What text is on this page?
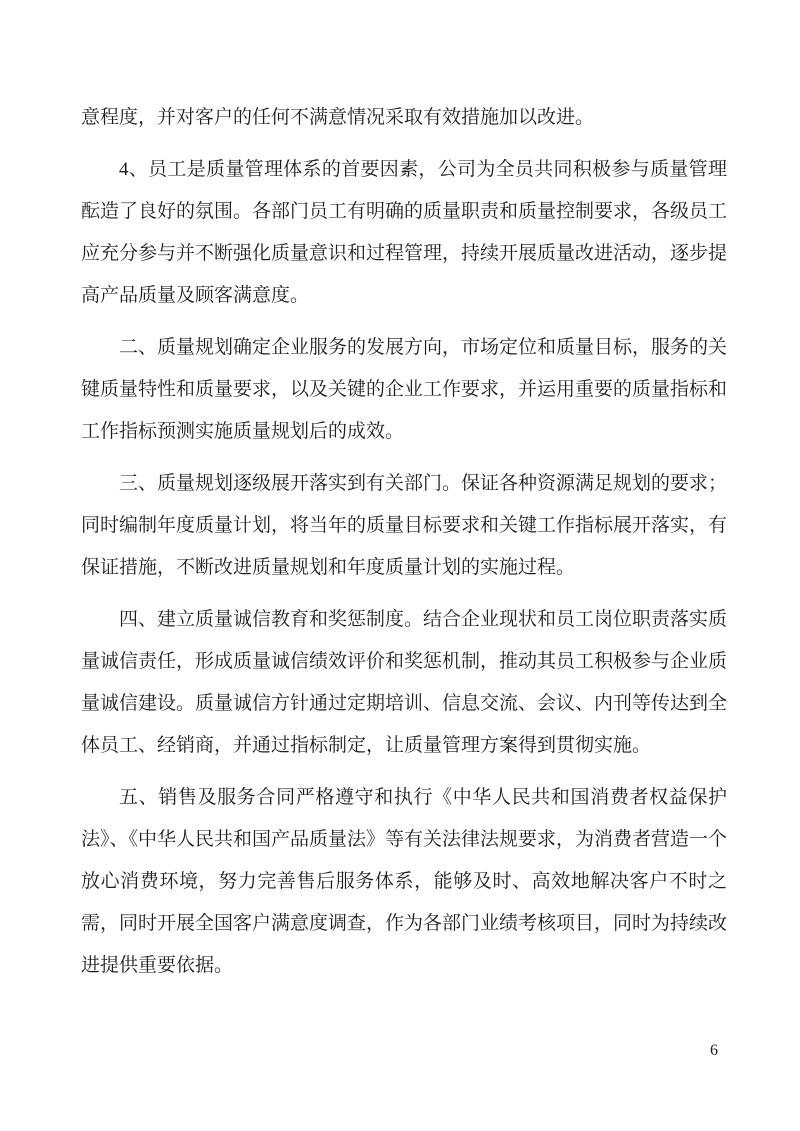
意程度，并对客户的任何不满意情况采取有效措施加以改进。

4、员工是质量管理体系的首要因素，公司为全员共同积极参与质量管理酝造了良好的氛围。各部门员工有明确的质量职责和质量控制要求，各级员工应充分参与并不断强化质量意识和过程管理，持续开展质量改进活动，逐步提高产品质量及顾客满意度。

二、质量规划确定企业服务的发展方向，市场定位和质量目标，服务的关键质量特性和质量要求，以及关键的企业工作要求，并运用重要的质量指标和工作指标预测实施质量规划后的成效。

三、质量规划逐级展开落实到有关部门。保证各种资源满足规划的要求；同时编制年度质量计划，将当年的质量目标要求和关键工作指标展开落实，有保证措施，不断改进质量规划和年度质量计划的实施过程。

四、建立质量诚信教育和奖惩制度。结合企业现状和员工岗位职责落实质量诚信责任，形成质量诚信绩效评价和奖惩机制，推动其员工积极参与企业质量诚信建设。质量诚信方针通过定期培训、信息交流、会议、内刊等传达到全体员工、经销商，并通过指标制定，让质量管理方案得到贯彻实施。

五、销售及服务合同严格遵守和执行《中华人民共和国消费者权益保护法》、《中华人民共和国产品质量法》等有关法律法规要求，为消费者营造一个放心消费环境，努力完善售后服务体系，能够及时、高效地解决客户不时之需，同时开展全国客户满意度调查，作为各部门业绩考核项目，同时为持续改进提供重要依据。

6
